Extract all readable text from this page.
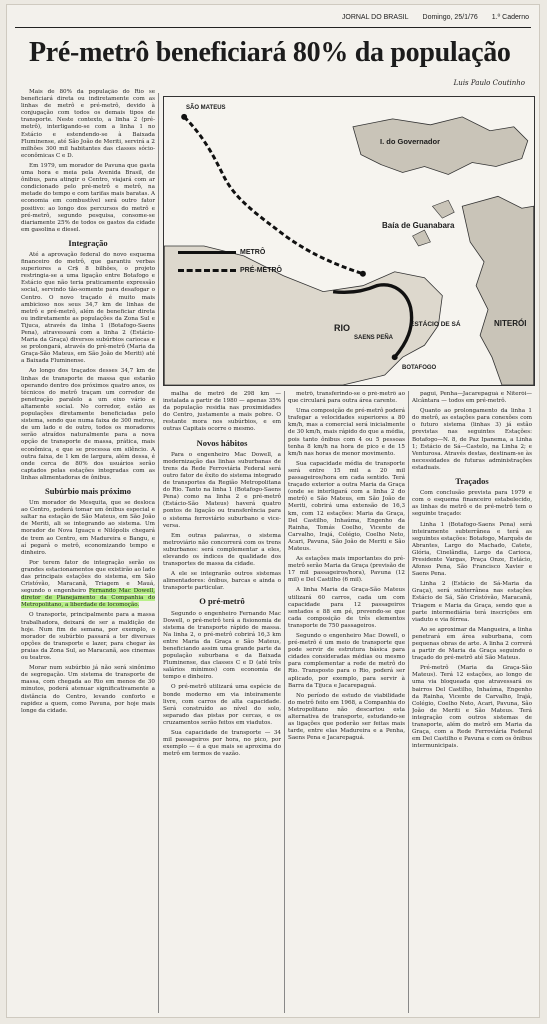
JORNAL DO BRASIL Domingo, 25/1/76 1.º Caderno
Pré-metrô beneficiará 80% da população
Luis Paulo Coutinho

Mais de 80% da população do Rio se beneficiará direta ou indiretamente com as linhas de metrô e pré-metrô, devido à conjugação com todos os demais tipos de transporte. Neste contexto, a linha 2 (pré-metrô), interligando-se com a linha 1 no Estácio e estendendo-se à Baixada Fluminense, até São João de Meriti, servirá a 2 milhões 300 mil habitantes das classes sócio-econômicas C e D.

Em 1979, um morador de Pavuna que gasta uma hora e meia pela Avenida Brasil, de ônibus, para atingir o Centro, viajará com ar condicionado pelo pré-metrô e metrô, na metade do tempo e com tarifas mais baratas. A economia em combustível será outro fator positivo: ao longo dos percursos do metrô e pré-metrô, segundo pesquisa, consome-se diariamente 25% de todos os gastos da cidade em gasolina e diesel.

Integração

Até a aprovação federal do novo esquema financeiro do metrô, que garantiu verbas superiores a Cr$ 8 bilhões, o projeto restringia-se a uma ligação entre Botafogo e Estácio que não teria praticamente expressão social, servindo tão-somente para desafogar o Centro. O novo traçado é muito mais ambicioso nos seus 34,7 km de linhas de metrô e pré-metrô, além de beneficiar direta ou indiretamente as populações da Zona Sul e Tijuca, através da linha 1 (Botafogo-Saens Pena), atravessará com a linha 2 (Estácio-Maria da Graça) diversos subúrbios cariocas e se prolongará, através do pré-metrô (Maria da Graça-São Mateus, em São João de Meriti) até a Baixada Fluminense.

Ao longo dos traçados desses 34,7 km de linhas de transporte de massa que estarão operando dentro dos próximos quatro anos, os técnicos do metrô traçam um corredor de penetração paralelo a um eixo vário e altamente social. No corredor, estão as populações diretamente beneficiadas pelo sistema, sendo que numa faixa de 300 metros, de um lado e de outro, todos os moradores serão atraídos naturalmente para a nova opção de transporte de massa, prática, mais econômica, e que se processa em silêncio. A outra faixa, de 1 km de largura, além dessa, é onde cerca de 80% dos usuários serão captados pelas estações integradas com as linhas alimentadoras de ônibus.

Subúrbio mais próximo

Um morador de Mesquita, que se desloca ao Centro, poderá tomar um ônibus especial e saltar na estação de São Mateus, em São João de Meriti, ali se integrando ao sistema. Um morador de Nova Iguaçu e Nilópolis chegará de trem ao Centro, em Madureira e Bangu, e aí pegará o metrô, economizando tempo e dinheiro.

Por terem fator de integração serão os grandes estacionamentos que existirão ao lado das principais estações do sistema, em São Cristóvão, Maracanã, Triagem e Mauá, segundo o engenheiro Fernando Mac Dowell, diretor de Planejamento da Companhia do Metropolitano, a liberdade de locomoção.

O transporte, principalmente para a massa trabalhadora, deixará de ser a maldição de hoje. Num fim de semana, por exemplo, o morador de subúrbio passará a ter diversas opções de transporte e lazer, para chegar às praias da Zona Sul, ao Maracanã, aos cinemas ou teatros.

Morar num subúrbio já não será sinônimo de segregação. Um sistema de transporte de massa, com chegada ao Rio em menos de 30 minutos, poderá atenuar significativamente a distância do Centro, levando conforto e rapidez a quem, como Pavuna, por hoje mais longe da cidade.

SÃO MATEUS
I. do Governador
Baía de Guanabara
NITERÓI
RIO
SAENS PEÑA
ESTÁCIO DE SÁ
BOTAFOGO
METRÔ
PRÉ-METRÔ

malha de metrô de 298 km — instalada a partir de 1980 — apenas 35% da população residia nas proximidades do Centro, justamente a mais pobre. O restante mora nos subúrbios, e em outras Capitais ocorre o mesmo.

Novos hábitos

Para o engenheiro Mac Dowell, a modernização das linhas suburbanas de trens da Rede Ferroviária Federal será outro fator de êxito do sistema integrado de transportes da Região Metropolitana do Rio. Tanto na linha 1 (Botafogo-Saens Pena) como na linha 2 e pré-metrô (Estácio-São Mateus) haverá quatro pontos de ligação ou transferência para o sistema ferroviário suburbano e vice-versa.

Em outras palavras, o sistema metroviário não concorrerá com os trens suburbanos: será complementar a eles, elevando os índices de qualidade dos transportes de massa da cidade.

A ele se integrarão outros sistemas alimentadores: ônibus, barcas e ainda o transporte particular.

O pré-metrô

Segundo o engenheiro Fernando Mac Dowell, o pré-metrô terá a fisionomia de sistema de transporte rápido de massa. Na linha 2, o pré-metrô cobrirá 16,3 km entre Maria da Graça e São Mateus, beneficiando assim uma grande parte da população suburbana e da Baixada Fluminense, das classes C e D (até três salários mínimos) com economia de tempo e dinheiro.

O pré-metrô utilizará uma espécie de bonde moderno em via inteiramente livre, com carros de alta capacidade. Será construído ao nível do solo, separado das pistas por cercas, e os cruzamentos serão feitos em viadutos.

Sua capacidade de transporte — 34 mil passageiros por hora, no pico, por exemplo — é a que mais se aproxima do metrô em termos de vazão.

metrô, transferindo-se o pré-metrô ao que circulará para outra área carente.

Uma composição de pré-metrô poderá trafegar a velocidades superiores a 80 km/h, mas a comercial será inicialmente de 30 km/h, mais rápido do que a média, pois tanto ônibus com 4 ou 5 pessoas tenha 8 km/h na hora de pico e de 15 km/h nas horas de menor movimento.

Sua capacidade média de transporte será entre 15 mil a 20 mil passageiros/hora em cada sentido. Terá traçado exterior a outra Maria da Graça (onde se interligará com a linha 2 do metrô) e São Mateus, em São João de Meriti, cobrirá uma extensão de 16,3 km, com 12 estações: Maria da Graça, Del Castilho, Inhaúma, Engenho da Rainha, Tomás Coelho, Vicente de Carvalho, Irajá, Colégio, Coelho Neto, Acari, Pavuna, São João de Meriti e São Mateus.

As estações mais importantes do pré-metrô serão Maria da Graça (previsão de 17 mil passageiros/hora), Pavuna (12 mil) e Del Castilho (6 mil).

A linha Maria da Graça-São Mateus utilizará 60 carros, cada um com capacidade para 12 passageiros sentados e 88 em pé, prevendo-se que cada composição de três elementos transporte de 750 passageiros.

Segundo o engenheiro Mac Dowell, o pré-metrô é um meio de transporte que pode servir de estrutura básica para cidades consideradas médias ou mesmo para complementar a rede de metrô do Rio. Transposto para o Rio, poderá ser aplicado, por exemplo, para servir à Barra da Tijuca e Jacarepaguá.

No período de estudo de viabilidade do metrô feito em 1968, a Companhia do Metropolitano não descartou esta alternativa de transporte, estudando-se as ligações que poderão ser feitas mais tarde, entre elas Madureira e a Penha, Saens Pena e Jacarepaguá.

pagui, Penha—Jacarepaguá e Niterói—Alcântara — todos em pré-metrô.

Quanto ao prolongamento da linha 1 do metrô, as estações para conexões com o futuro sistema (linhas 3) já estão previstas nas seguintes Estações: Botafogo—N. 8, de Paz Ipanema, a Linha 1; Estácio de Sá—Castelo, na Linha 2; e Venturosa. Através destas, destinam-se às necessidades de futuras administrações estaduais.

Traçados

Com conclusão prevista para 1979 e com o esquema financeiro estabelecido, as linhas de metrô e de pré-metrô tem o seguinte traçado:

Linha 1 (Botafogo-Saens Pena) será inteiramente subterrânea e terá as seguintes estações: Botafogo, Marquês de Abrantes, Largo do Machado, Catete, Glória, Cinelândia, Largo da Carioca, Presidente Vargas, Praça Onze, Estácio, Afonso Pena, São Francisco Xavier e Saens Pena.

Linha 2 (Estácio de Sá-Maria da Graça), será subterrânea nas estações Estácio de Sá, São Cristóvão, Maracanã, Triagem e Maria da Graça, sendo que a parte intermediária terá inscrições em viaduto e via férrea.

Ao se aproximar da Mangueira, a linha penetrará em área suburbana, com pequenas obras de arte. A linha 2 correrá a partir de Maria da Graça seguindo o traçado do pré-metrô até São Mateus.

Pré-metrô (Maria da Graça-São Mateus). Terá 12 estações, ao longo de uma via bloqueada que atravessará os bairros Del Castilho, Inhaúma, Engenho da Rainha, Vicente de Carvalho, Irajá, Colégio, Coelho Neto, Acari, Pavuna, São João de Meriti e São Mateus. Terá integração com outros sistemas de transporte, além do metrô em Maria da Graça, com a Rede Ferroviária Federal em Del Castilho e Pavuna e com os ônibus intermunicipais.
